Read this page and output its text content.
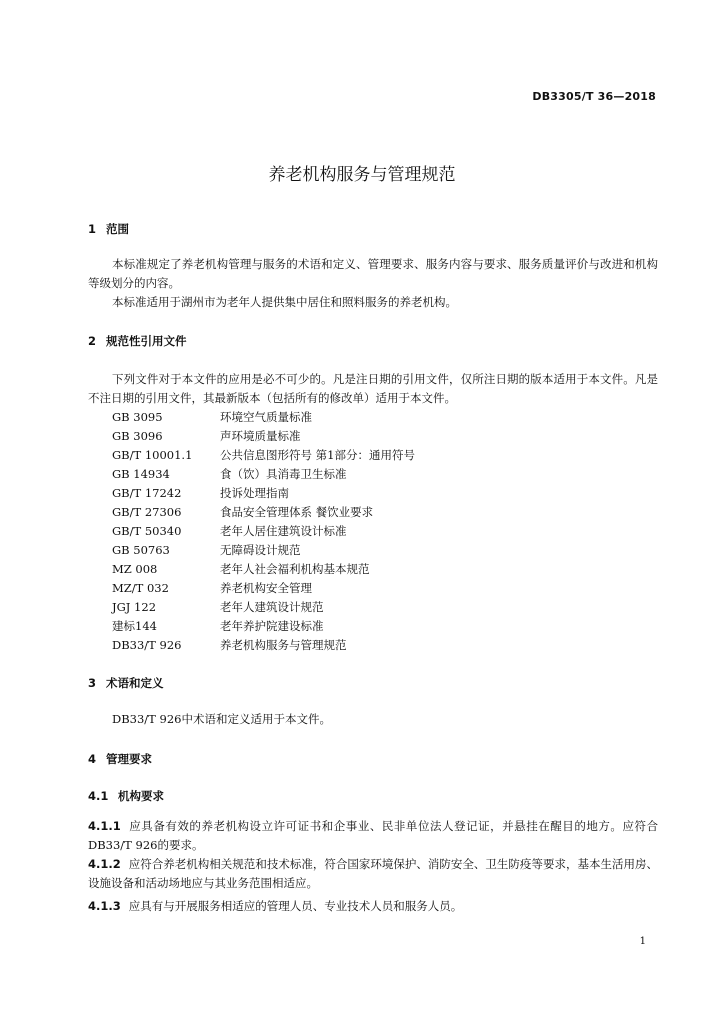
DB3305/T 36—2018
养老机构服务与管理规范
1 范围
本标准规定了养老机构管理与服务的术语和定义、管理要求、服务内容与要求、服务质量评价与改进和机构等级划分的内容。
本标准适用于湖州市为老年人提供集中居住和照料服务的养老机构。
2 规范性引用文件
下列文件对于本文件的应用是必不可少的。凡是注日期的引用文件，仅所注日期的版本适用于本文件。凡是不注日期的引用文件，其最新版本（包括所有的修改单）适用于本文件。
GB 3095	环境空气质量标准
GB 3096	声环境质量标准
GB/T 10001.1 公共信息图形符号 第1部分：通用符号
GB 14934	食（饮）具消毒卫生标准
GB/T 17242	投诉处理指南
GB/T 27306	食品安全管理体系 餐饮业要求
GB/T 50340	老年人居住建筑设计标准
GB 50763	无障碍设计规范
MZ 008	老年人社会福利机构基本规范
MZ/T 032	养老机构安全管理
JGJ 122	老年人建筑设计规范
建标144	老年养护院建设标准
DB33/T 926	养老机构服务与管理规范
3 术语和定义
DB33/T 926中术语和定义适用于本文件。
4 管理要求
4.1 机构要求
4.1.1 应具备有效的养老机构设立许可证书和企事业、民非单位法人登记证，并悬挂在醒目的地方。应符合 DB33/T 926的要求。
4.1.2 应符合养老机构相关规范和技术标准，符合国家环境保护、消防安全、卫生防疫等要求，基本生活用房、设施设备和活动场地应与其业务范围相适应。
4.1.3 应具有与开展服务相适应的管理人员、专业技术人员和服务人员。
1
